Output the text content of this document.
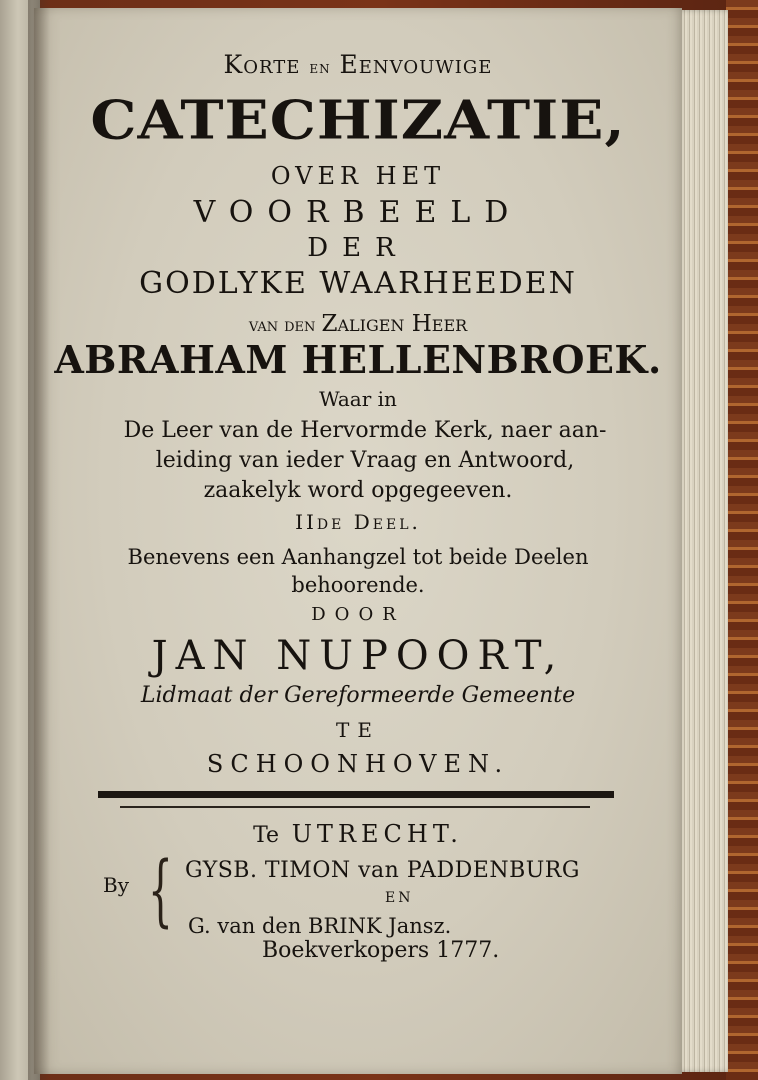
Korte en Eenvouwige
CATECHIZATIE,
OVER HET
VOORBEELD
DER
GODLYKE WAARHEEDEN
van den Zaligen Heer
ABRAHAM HELLENBROEK.
Waar in
De Leer van de Hervormde Kerk, naer aan-
leiding van ieder Vraag en Antwoord,
zaakelyk word opgegeeven.
IIde Deel.
Benevens een Aanhangzel tot beide Deelen
behoorende.
DOOR
JAN NUPOORT,
Lidmaat der Gereformeerde Gemeente
TE
SCHOONHOVEN.
Te UTRECHT.
By { GYSB. TIMON van PADDENBURG
EN
G. van den BRINK Jansz.
Boekverkopers 1777.
